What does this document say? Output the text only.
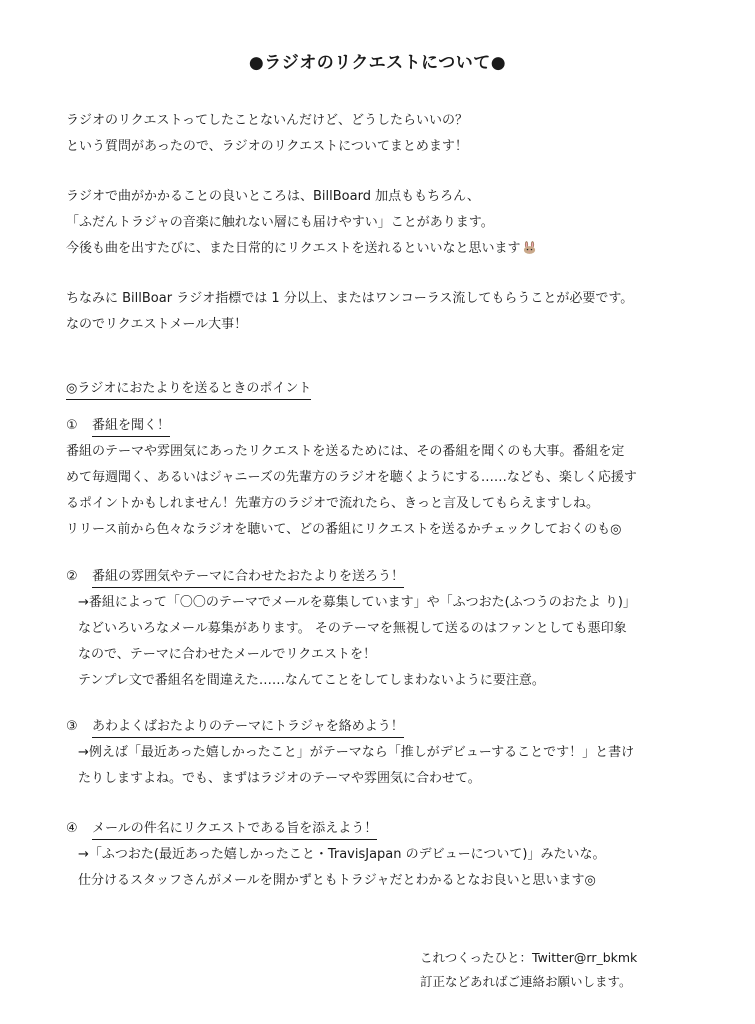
●ラジオのリクエストについて●
ラジオのリクエストってしたことないんだけど、どうしたらいいの？
という質問があったので、ラジオのリクエストについてまとめます！
ラジオで曲がかかることの良いところは、BillBoard 加点ももちろん、
「ふだんトラジャの音楽に触れない層にも届けやすい」ことがあります。
今後も曲を出すたびに、また日常的にリクエストを送れるといいなと思います
ちなみに BillBoar ラジオ指標では 1 分以上、またはワンコーラス流してもらうことが必要です。
なのでリクエストメール大事！
◎ラジオにおたよりを送るときのポイント
① 番組を聞く！
番組のテーマや雰囲気にあったリクエストを送るためには、その番組を聞くのも大事。番組を定
めて毎週聞く、あるいはジャニーズの先輩方のラジオを聴くようにする……なども、楽しく応援す
るポイントかもしれません！先輩方のラジオで流れたら、きっと言及してもらえますしね。
リリース前から色々なラジオを聴いて、どの番組にリクエストを送るかチェックしておくのも◎
② 番組の雰囲気やテーマに合わせたおたよりを送ろう！
→番組によって「〇〇のテーマでメールを募集しています」や「ふつおた(ふつうのおたよ り)」
などいろいろなメール募集があります。 そのテーマを無視して送るのはファンとしても悪印象
なので、テーマに合わせたメールでリクエストを！
テンプレ文で番組名を間違えた……なんてことをしてしまわないように要注意。
③ あわよくばおたよりのテーマにトラジャを絡めよう！
→例えば「最近あった嬉しかったこと」がテーマなら「推しがデビューすることです！」と書け
たりしますよね。でも、まずはラジオのテーマや雰囲気に合わせて。
④ メールの件名にリクエストである旨を添えよう！
→「ふつおた(最近あった嬉しかったこと・TravisJapan のデビューについて)」みたいな。
仕分けるスタッフさんがメールを開かずともトラジャだとわかるとなお良いと思います◎
これつくったひと：Twitter@rr_bkmk
訂正などあればご連絡お願いします。
